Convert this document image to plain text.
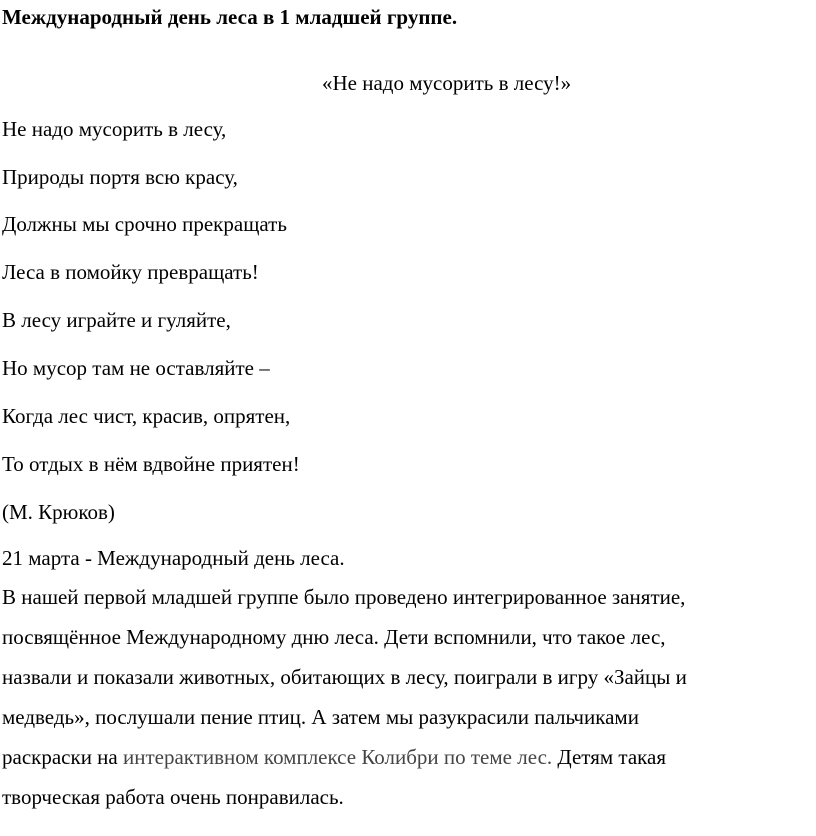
Международный день леса в 1 младшей группе.
«Не надо мусорить в лесу!»
Не надо мусорить в лесу,
Природы портя всю красу,
Должны мы срочно прекращать
Леса в помойку превращать!
В лесу играйте и гуляйте,
Но мусор там не оставляйте –
Когда лес чист, красив, опрятен,
То отдых в нём вдвойне приятен!
(М. Крюков)
21 марта - Международный день леса.
В нашей первой младшей группе было проведено интегрированное занятие,
посвящённое Международному дню леса. Дети вспомнили, что такое лес,
назвали и показали животных, обитающих в лесу, поиграли в игру «Зайцы и
медведь», послушали пение птиц. А затем мы разукрасили пальчиками
раскраски на интерактивном комплексе Колибри по теме лес. Детям такая
творческая работа очень понравилась.
